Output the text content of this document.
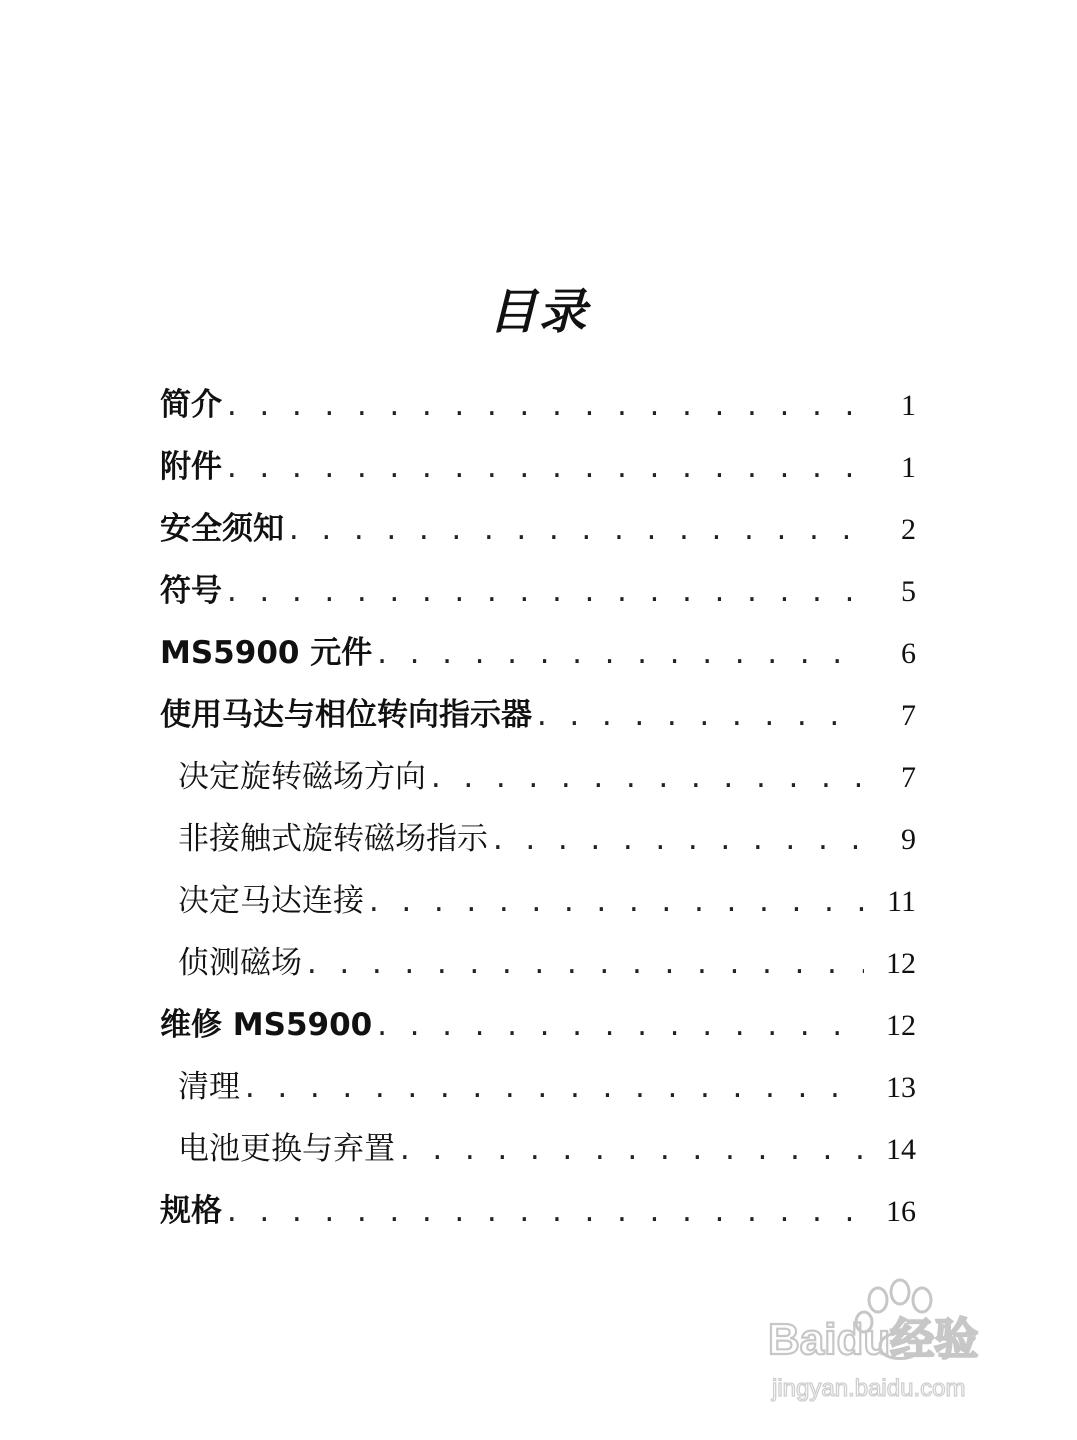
目录
简介 . . .	1
附件 . . .	1
安全须知 . . .	2
符号 . . .	5
MS5900 元件 . . .	6
使用马达与相位转向指示器 . . .	7
决定旋转磁场方向 . . .	7
非接触式旋转磁场指示 . . .	9
决定马达连接 . . .	11
侦测磁场 . . .	12
维修 MS5900 . . .	12
清理 . . .	13
电池更换与弃置 . . .	14
规格 . . .	16
Baidu经验
jingyan.baidu.com
